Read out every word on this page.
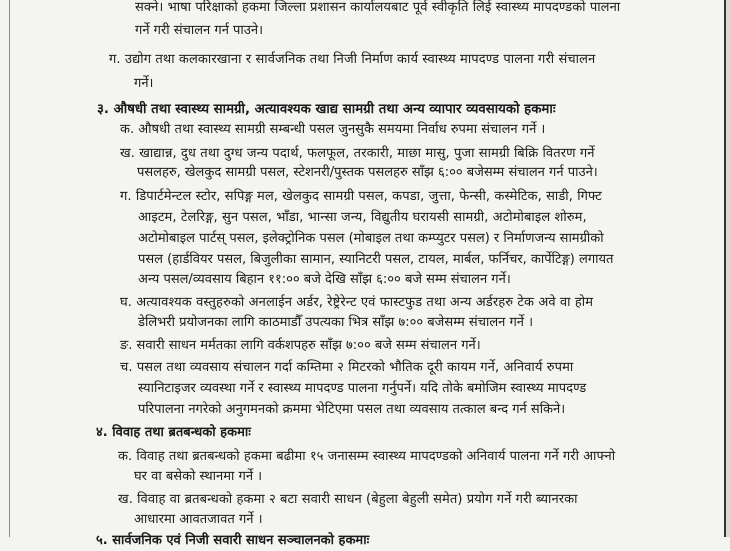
सक्ने। भाषा परिक्षाको हकमा जिल्ला प्रशासन कार्यालयबाट पूर्व स्वीकृति लिई स्वास्थ्य मापदण्डको पालना

गर्ने गरी संचालन गर्न पाउने।

ग. उद्योग तथा कलकारखाना र सार्वजनिक तथा निजी निर्माण कार्य स्वास्थ्य मापदण्ड पालना गरी संचालन

गर्ने।

३. औषधी तथा स्वास्थ्य सामग्री, अत्यावश्यक खाद्य सामग्री तथा अन्य व्यापार व्यवसायको हकमाः

क. औषधी तथा स्वास्थ्य सामग्री सम्बन्धी पसल जुनसुकै समयमा निर्वाध रुपमा संचालन गर्ने ।

ख. खाद्यान्न, दुध तथा दुग्ध जन्य पदार्थ, फलफूल, तरकारी, माछा मासु, पुजा सामग्री बिक्रि वितरण गर्ने

पसलहरु, खेलकुद सामग्री पसल, स्टेशनरी/पुस्तक पसलहरु साँझ ६:०० बजेसम्म संचालन गर्न पाउने।

ग. डिपार्टमेन्टल स्टोर, सपिङ्ग मल, खेलकुद सामग्री पसल, कपडा, जुत्ता, फेन्सी, कस्मेटिक, साडी, गिफ्ट

आइटम, टेलरिङ्ग, सुन पसल, भाँडा, भान्सा जन्य, विद्युतीय घरायसी सामग्री, अटोमोबाइल शोरुम,

अटोमोबाइल पार्टस् पसल, इलेक्ट्रोनिक पसल (मोबाइल तथा कम्प्युटर पसल) र निर्माणजन्य सामग्रीको

पसल (हार्डवियर पसल, बिजुलीका सामान, स्यानिटरी पसल, टायल, मार्बल, फर्निचर, कार्पेटिङ्ग) लगायत

अन्य पसल/व्यवसाय बिहान ११:०० बजे देखि साँझ ६:०० बजे सम्म संचालन गर्ने।

घ. अत्यावश्यक वस्तुहरुको अनलाईन अर्डर, रेष्ट्रेरेन्ट एवं फास्टफुड तथा अन्य अर्डरहरु टेक अवे वा होम

डेलिभरी प्रयोजनका लागि काठमाडौँ उपत्यका भित्र साँझ ७:०० बजेसम्म संचालन गर्ने ।

ङ. सवारी साधन मर्मतका लागि वर्कशपहरु साँझ ७:०० बजे सम्म संचालन गर्ने।

च. पसल तथा व्यवसाय संचालन गर्दा कम्तिमा २ मिटरको भौतिक दूरी कायम गर्ने, अनिवार्य रुपमा

स्यानिटाइजर व्यवस्था गर्ने र स्वास्थ्य मापदण्ड पालना गर्नुपर्ने। यदि तोके बमोजिम स्वास्थ्य मापदण्ड

परिपालना नगरेको अनुगमनको क्रममा भेटिएमा पसल तथा व्यवसाय तत्काल बन्द गर्न सकिने।

४. विवाह तथा ब्रतबन्धको हकमाः

क. विवाह तथा ब्रतबन्धको हकमा बढीमा १५ जनासम्म स्वास्थ्य मापदण्डको अनिवार्य पालना गर्ने गरी आफ्नो

घर वा बसेको स्थानमा गर्ने ।

ख. विवाह वा ब्रतबन्धको हकमा २ बटा सवारी साधन (बेहुला बेहुली समेत) प्रयोग गर्ने गरी ब्यानरका

आधारमा आवतजावत गर्ने ।

५. सार्वजनिक एवं निजी सवारी साधन सञ्चालनको हकमाः
